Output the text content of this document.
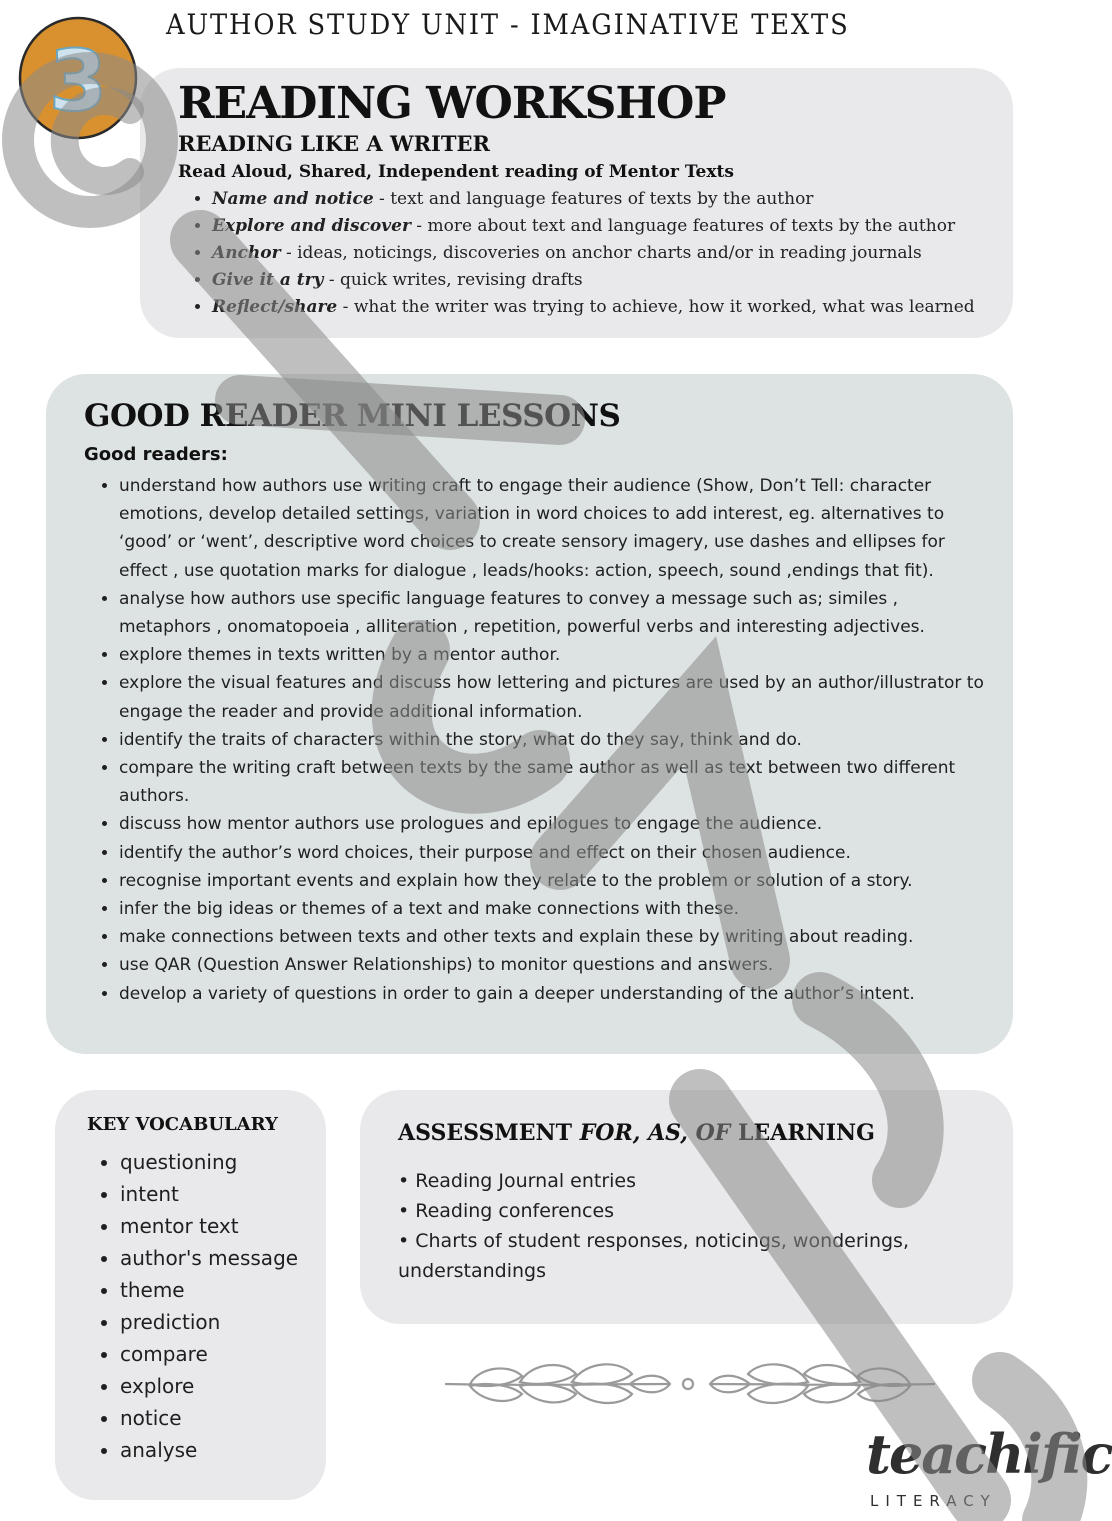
AUTHOR STUDY UNIT - IMAGINATIVE TEXTS
3 READING WORKSHOP
READING LIKE A WRITER

Read Aloud, Shared, Independent reading of Mentor Texts

• Name and notice - text and language features of texts by the author
• Explore and discover - more about text and language features of texts by the author
• Anchor - ideas, noticings, discoveries on anchor charts and/or in reading journals
• Give it a try - quick writes, revising drafts
• Reflect/share - what the writer was trying to achieve, how it worked, what was learned
GOOD READER MINI LESSONS

Good readers:

• understand how authors use writing craft to engage their audience (Show, Don’t Tell: character emotions, develop detailed settings, variation in word choices to add interest, eg. alternatives to ‘good’ or ‘went’, descriptive word choices to create sensory imagery, use dashes and ellipses for effect , use quotation marks for dialogue , leads/hooks: action, speech, sound ,endings that fit).
• analyse how authors use specific language features to convey a message such as; similes , metaphors , onomatopoeia , alliteration , repetition, powerful verbs and interesting adjectives.
• explore themes in texts written by a mentor author.
• explore the visual features and discuss how lettering and pictures are used by an author/illustrator to engage the reader and provide additional information.
• identify the traits of characters within the story, what do they say, think and do.
• compare the writing craft between texts by the same author as well as text between two different authors.
• discuss how mentor authors use prologues and epilogues to engage the audience.
• identify the author’s word choices, their purpose and effect on their chosen audience.
• recognise important events and explain how they relate to the problem or solution of a story.
• infer the big ideas or themes of a text and make connections with these.
• make connections between texts and other texts and explain these by writing about reading.
• use QAR (Question Answer Relationships) to monitor questions and answers.
• develop a variety of questions in order to gain a deeper understanding of the author’s intent.
KEY VOCABULARY
• questioning
• intent
• mentor text
• author's message
• theme
• prediction
• compare
• explore
• notice
• analyse
ASSESSMENT FOR, AS, OF LEARNING
• Reading Journal entries
• Reading conferences
• Charts of student responses, noticings, wonderings, understandings
teachific
LITERACY
